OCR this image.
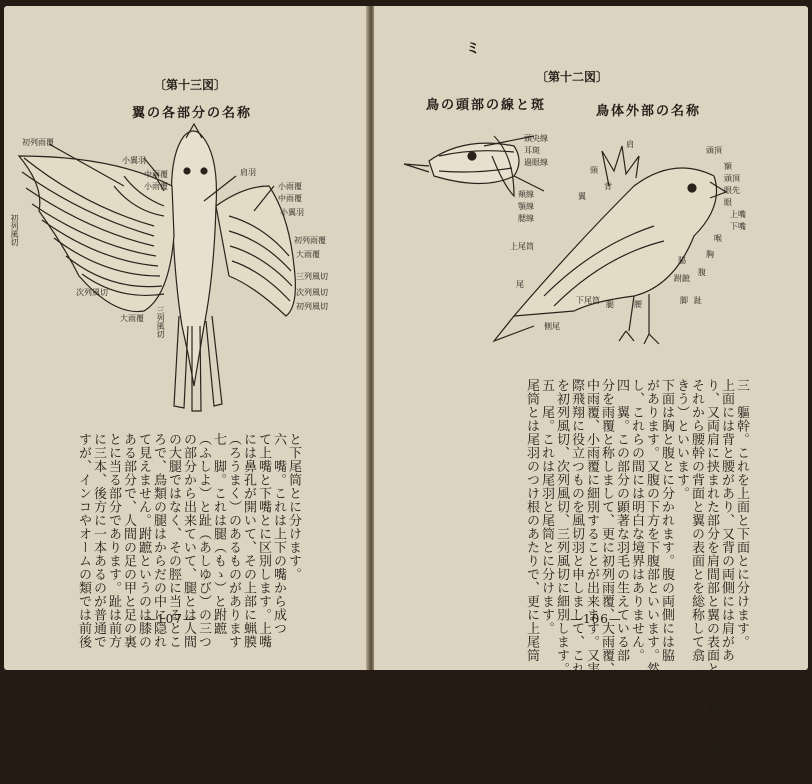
〔第十三図〕
翼の各部分の名称
初列雨覆
小翼羽
中雨覆
小雨覆
肩羽
小雨覆
中雨覆
小翼羽
初列雨覆
大雨覆
三列風切
次列風切
初列風切
初列風切
次列風切
大雨覆 三列風切

と下尾筒とに分けます。
六　嘴。これは上下の嘴から成つ
て上嘴と下嘴とに区別します。上嘴
には鼻孔が開いて、その上部に蝋膜
（ろうまく）のあるものがあります
七　脚。これは腿（もゝ）と跗蹠
（ふしよ）と趾（あしゆび）の三つ
の部分から出来ていて、腿とは人間
の大腿ではなく、その脛に当るとこ
ろで、鳥類の腿はからだの中に隠れ
て見えません。跗蹠というのは膝の
ある部分で、人間の足の甲と足の裏
とに当る部分であります。趾は前方
に三本、後方に一本あるのが普通で
すが、インコやオームの類では前後
	—107—
ミ
〔第十二図〕
鳥の頭部の線と斑	鳥体外部の名称
頭央線
耳斑
過眼線
頬線
顎線
腮線
頸
翼
背
肩
頭頂
額
頭頂
眼先
眼
上嘴
下嘴
喉
胸
腹
脇
脚 趾
跗蹠
上尾筒
下尾筒
尾
側尾
腿	腰

三　軀幹。これを上面と下面とに分けます。
上面には背と腰があり、又背の両側には肩があ
り、又両肩に挟まれた部分を肩間部と翼の表面とを総称して翕（へ
それから腰幹の背面と翼の表面とを総称して翕（へ
きう）といいます。
下面は胸と腹とに分かれます。腹の両側には脇
があります。又腹の下方を下腹部といいます。然
し、これらの間には明白な境界はありません。
四　翼。この部分の顕著な羽毛の生えている部
分を雨覆と称しまして、更に初列雨覆、大雨覆、
中雨覆、小雨覆に細別することが出来ます。又実
際飛翔に役立つものを風切羽と申しまして、これ
を初列風切、次列風切、三列風切に細別します。
五　尾。これは尾羽と尾筒とに分けます。
尾筒とは尾羽のつけ根のあたりで、更に上尾筒
	—106—
